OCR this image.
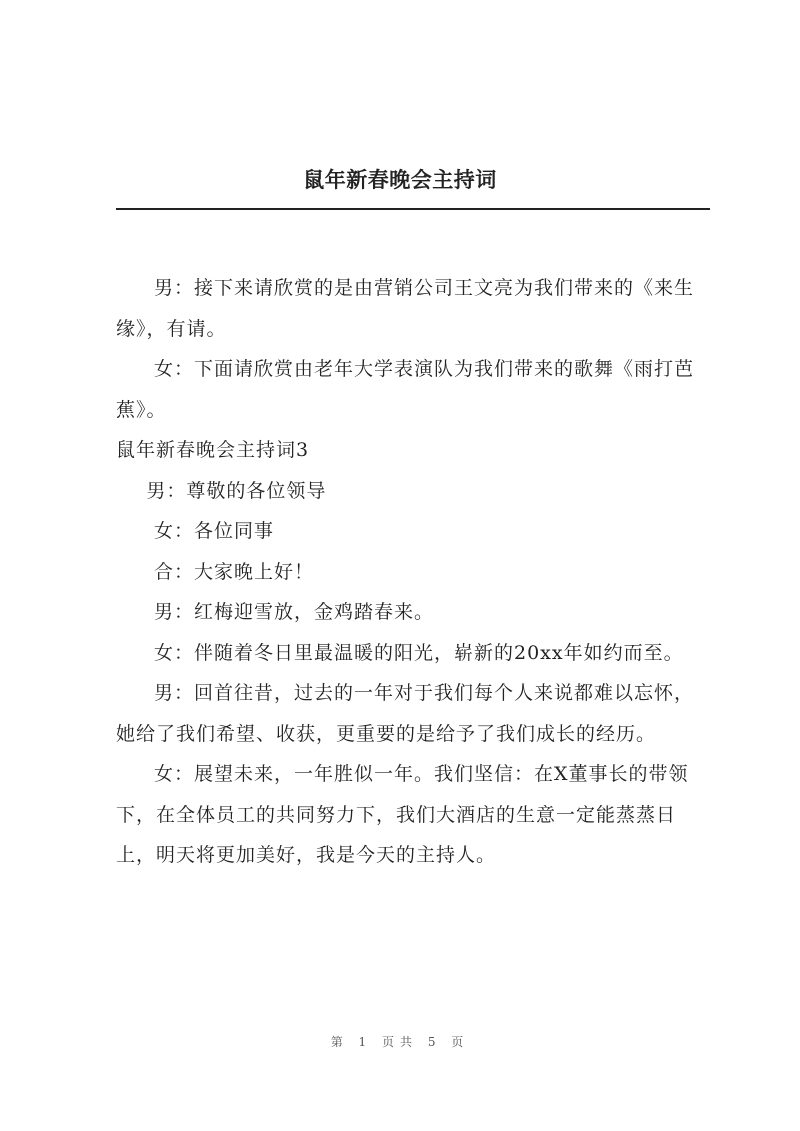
鼠年新春晚会主持词

男：接下来请欣赏的是由营销公司王文亮为我们带来的《来生缘》，有请。

女：下面请欣赏由老年大学表演队为我们带来的歌舞《雨打芭蕉》。

鼠年新春晚会主持词3

男：尊敬的各位领导

女：各位同事

合：大家晚上好！

男：红梅迎雪放，金鸡踏春来。

女：伴随着冬日里最温暖的阳光，崭新的20xx年如约而至。

男：回首往昔，过去的一年对于我们每个人来说都难以忘怀，她给了我们希望、收获，更重要的是给予了我们成长的经历。

女：展望未来，一年胜似一年。我们坚信：在X董事长的带领下，在全体员工的共同努力下，我们大酒店的生意一定能蒸蒸日上，明天将更加美好，我是今天的主持人。

第 1 页共 5 页
